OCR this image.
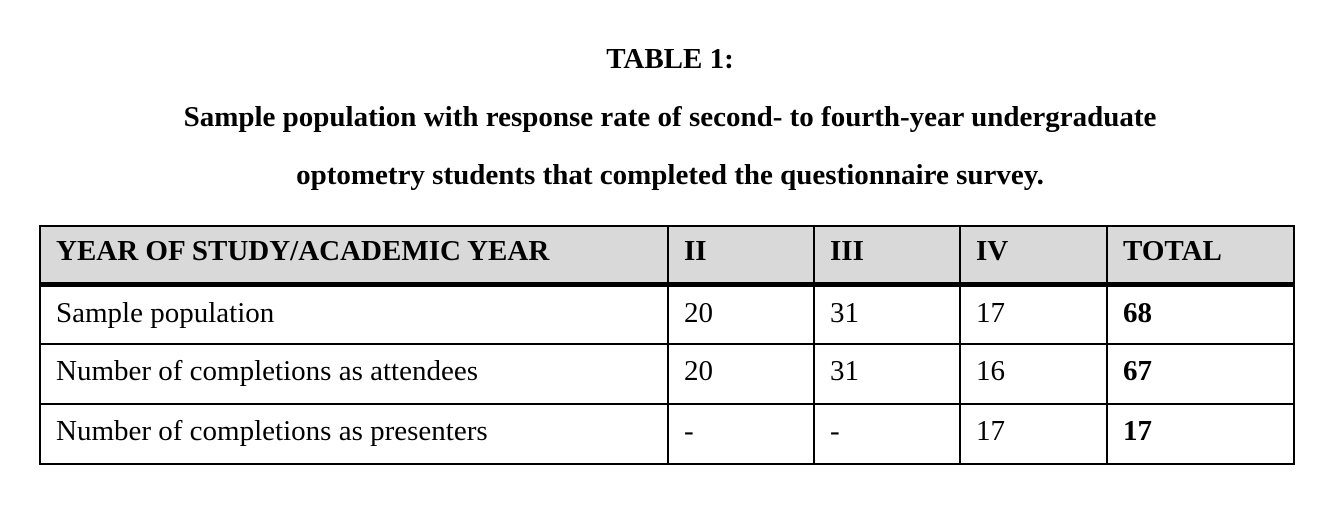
TABLE 1:
Sample population with response rate of second- to fourth-year undergraduate
optometry students that completed the questionnaire survey.
YEAR OF STUDY/ACADEMIC YEAR	II	III	IV	TOTAL
Sample population	20	31	17	68
Number of completions as attendees	20	31	16	67
Number of completions as presenters	-	-	17	17
